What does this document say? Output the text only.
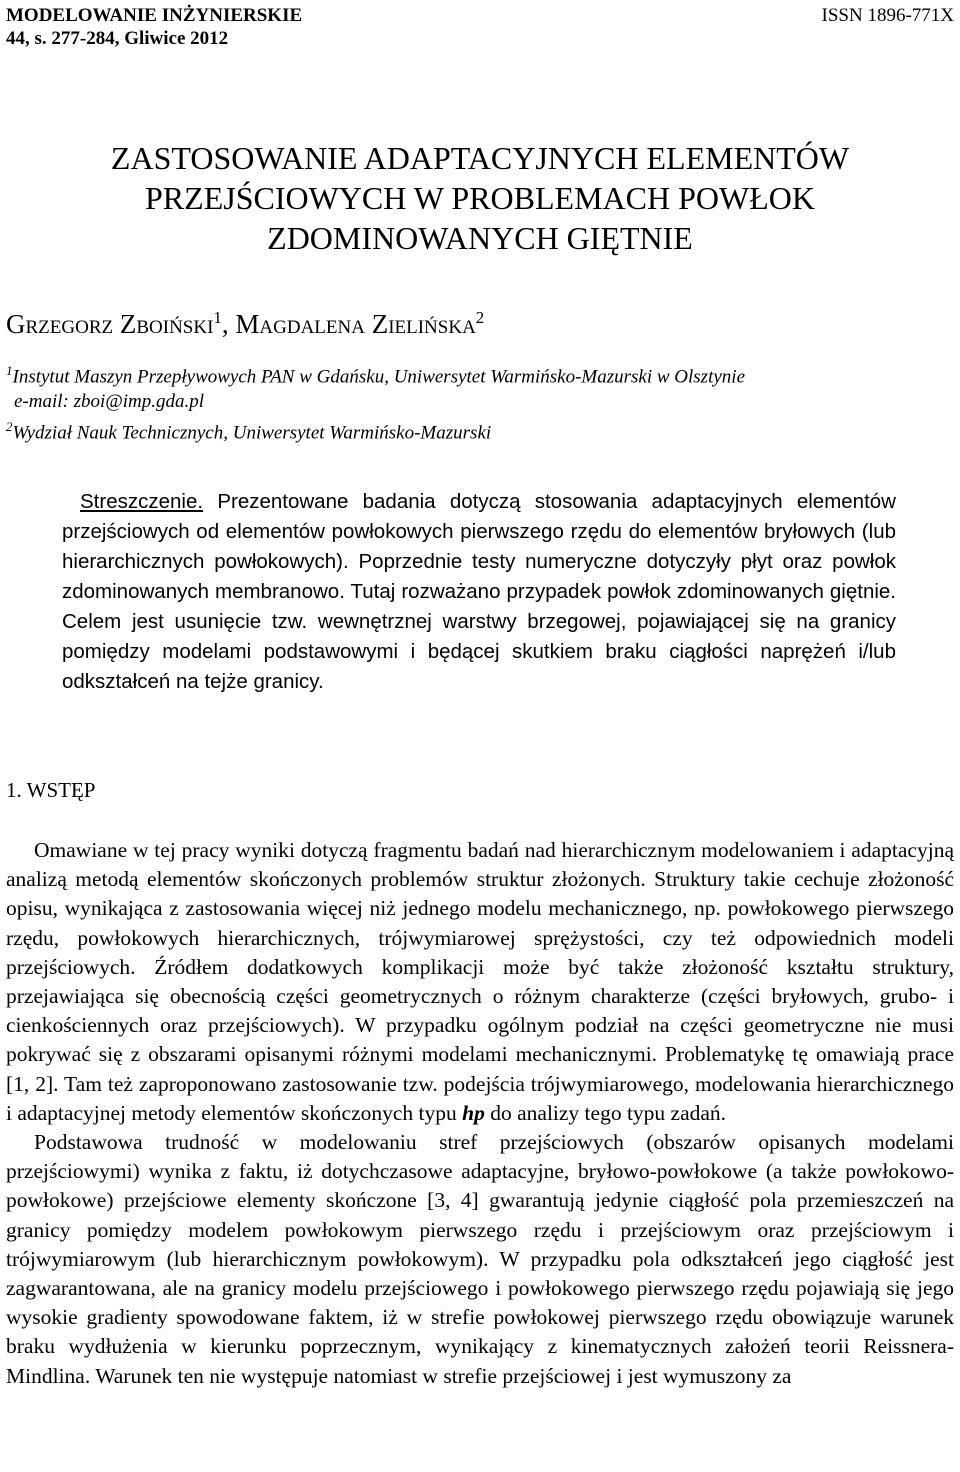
MODELOWANIE INŻYNIERSKIE
44, s. 277-284, Gliwice 2012
ISSN 1896-771X
ZASTOSOWANIE ADAPTACYJNYCH ELEMENTÓW
PRZEJŚCIOWYCH W PROBLEMACH POWŁOK
ZDOMINOWANYCH GIĘTNIE
Grzegorz Zboiński$^1$, Magdalena Zielińska$^2$
$^1$Instytut Maszyn Przepływowych PAN w Gdańsku, Uniwersytet Warmińsko-Mazurski w Olsztynie
e-mail: zboi@imp.gda.pl
$^2$Wydział Nauk Technicznych, Uniwersytet Warmińsko-Mazurski
Streszczenie. Prezentowane badania dotyczą stosowania adaptacyjnych elementów przejściowych od elementów powłokowych pierwszego rzędu do elementów bryłowych (lub hierarchicznych powłokowych). Poprzednie testy numeryczne dotyczyły płyt oraz powłok zdominowanych membranowo. Tutaj rozważano przypadek powłok zdominowanych giętnie. Celem jest usunięcie tzw. wewnętrznej warstwy brzegowej, pojawiającej się na granicy pomiędzy modelami podstawowymi i będącej skutkiem braku ciągłości naprężeń i/lub odkształceń na tejże granicy.
1. WSTĘP

Omawiane w tej pracy wyniki dotyczą fragmentu badań nad hierarchicznym modelowaniem i adaptacyjną analizą metodą elementów skończonych problemów struktur złożonych. Struktury takie cechuje złożoność opisu, wynikająca z zastosowania więcej niż jednego modelu mechanicznego, np. powłokowego pierwszego rzędu, powłokowych hierarchicznych, trójwymiarowej sprężystości, czy też odpowiednich modeli przejściowych. Źródłem dodatkowych komplikacji może być także złożoność kształtu struktury, przejawiająca się obecnością części geometrycznych o różnym charakterze (części bryłowych, grubo- i cienkościennych oraz przejściowych). W przypadku ogólnym podział na części geometryczne nie musi pokrywać się z obszarami opisanymi różnymi modelami mechanicznymi. Problematykę tę omawiają prace [1, 2]. Tam też zaproponowano zastosowanie tzw. podejścia trójwymiarowego, modelowania hierarchicznego i adaptacyjnej metody elementów skończonych typu hp do analizy tego typu zadań.

Podstawowa trudność w modelowaniu stref przejściowych (obszarów opisanych modelami przejściowymi) wynika z faktu, iż dotychczasowe adaptacyjne, bryłowo-powłokowe (a także powłokowo-powłokowe) przejściowe elementy skończone [3, 4] gwarantują jedynie ciągłość pola przemieszczeń na granicy pomiędzy modelem powłokowym pierwszego rzędu i przejściowym oraz przejściowym i trójwymiarowym (lub hierarchicznym powłokowym). W przypadku pola odkształceń jego ciągłość jest zagwarantowana, ale na granicy modelu przejściowego i powłokowego pierwszego rzędu pojawiają się jego wysokie gradienty spowodowane faktem, iż w strefie powłokowej pierwszego rzędu obowiązuje warunek braku wydłużenia w kierunku poprzecznym, wynikający z kinematycznych założeń teorii Reissnera-Mindlina. Warunek ten nie występuje natomiast w strefie przejściowej i jest wymuszony za
